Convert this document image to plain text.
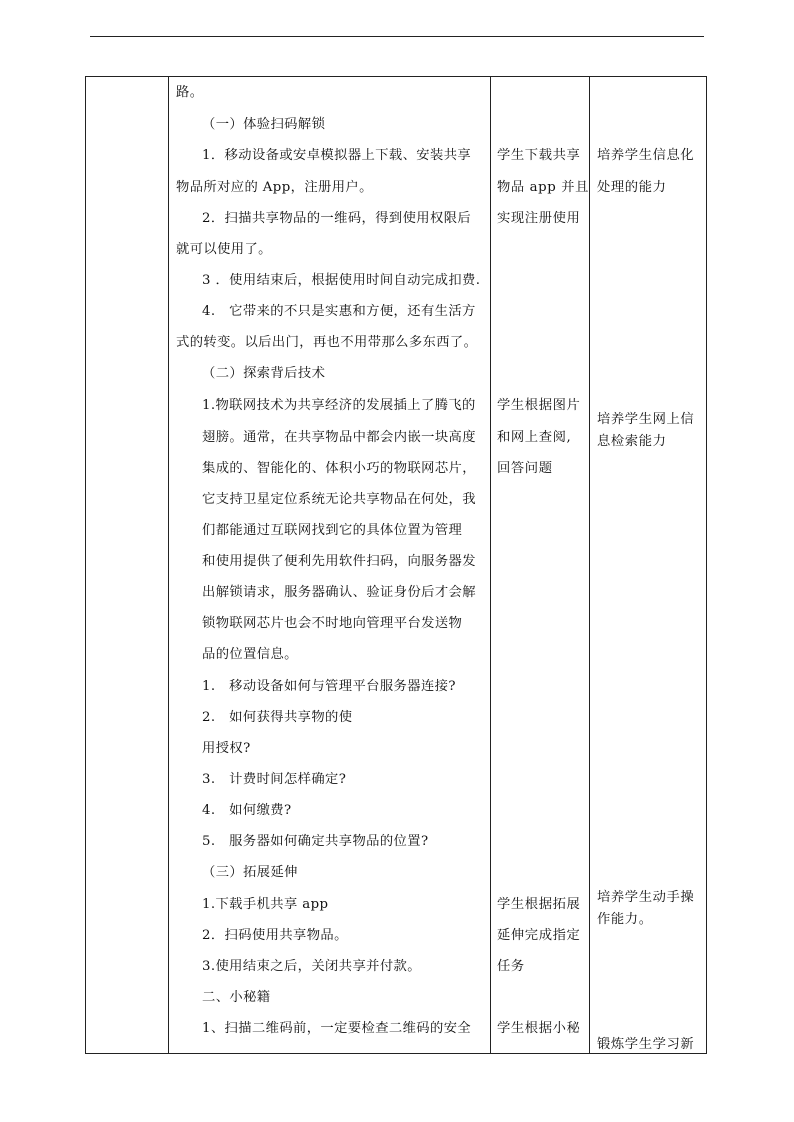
路。
（一）体验扫码解锁
1．移动设备或安卓模拟器上下载、安装共享
物品所对应的 App，注册用户。
2．扫描共享物品的一维码，得到使用权限后
就可以使用了。
3 ．使用结束后，根据使用时间自动完成扣费.
4.　它带来的不只是实惠和方便，还有生活方
式的转变。以后出门，再也不用带那么多东西了。
（二）探索背后技术
1.物联网技术为共享经济的发展插上了腾飞的
翅膀。通常，在共享物品中都会内嵌一块高度
集成的、智能化的、体积小巧的物联网芯片，
它支持卫星定位系统无论共享物品在何处，我
们都能通过互联网找到它的具体位置为管理
和使用提供了便利先用软件扫码，向服务器发
出解锁请求，服务器确认、验证身份后才会解
锁物联网芯片也会不时地向管理平台发送物
品的位置信息。
1.　移动设备如何与管理平台服务器连接?
2.　如何获得共享物的使
用授权?
3.　计费时间怎样确定?
4.　如何缴费?
5.　服务器如何确定共享物品的位置?
（三）拓展延伸
1.下载手机共享 app
2．扫码使用共享物品。
3.使用结束之后，关闭共享并付款。
二、小秘籍
1、扫描二维码前，一定要检查二维码的安全
学生下载共享
物品 app 并且
实现注册使用
学生根据图片
和网上查阅,
回答问题
学生根据拓展
延伸完成指定
任务
学生根据小秘
培养学生信息化
处理的能力
培养学生网上信
息检索能力
培养学生动手操
作能力。
锻炼学生学习新
